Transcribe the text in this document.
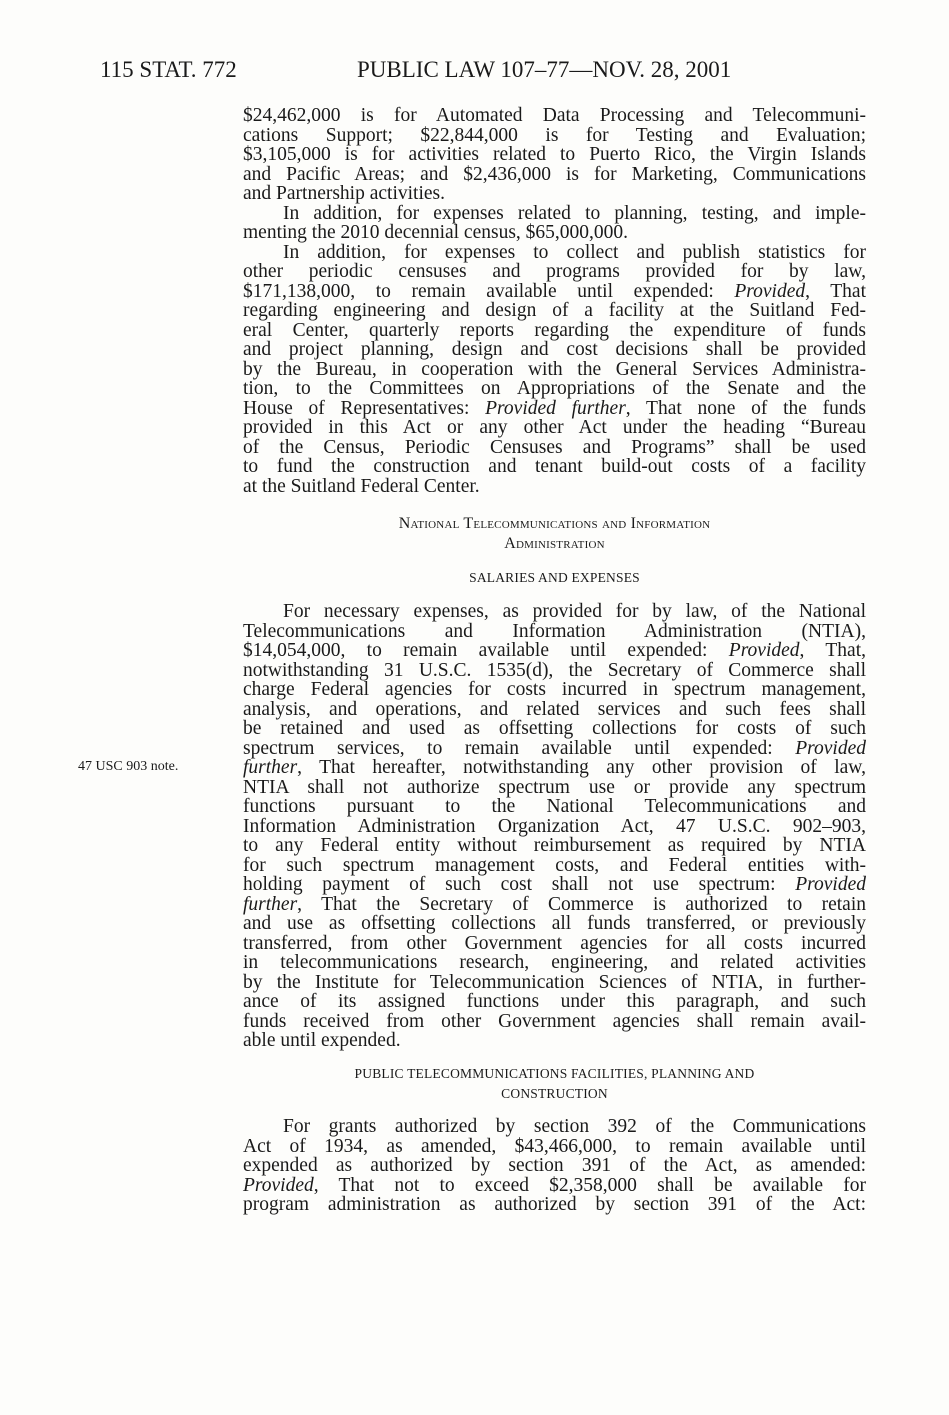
115 STAT. 772	PUBLIC LAW 107–77—NOV. 28, 2001
$24,462,000 is for Automated Data Processing and Telecommuni-
cations Support; $22,844,000 is for Testing and Evaluation;
$3,105,000 is for activities related to Puerto Rico, the Virgin Islands
and Pacific Areas; and $2,436,000 is for Marketing, Communications
and Partnership activities.
In addition, for expenses related to planning, testing, and imple-
menting the 2010 decennial census, $65,000,000.
In addition, for expenses to collect and publish statistics for
other periodic censuses and programs provided for by law,
$171,138,000, to remain available until expended: Provided, That
regarding engineering and design of a facility at the Suitland Fed-
eral Center, quarterly reports regarding the expenditure of funds
and project planning, design and cost decisions shall be provided
by the Bureau, in cooperation with the General Services Administra-
tion, to the Committees on Appropriations of the Senate and the
House of Representatives: Provided further, That none of the funds
provided in this Act or any other Act under the heading “Bureau
of the Census, Periodic Censuses and Programs” shall be used
to fund the construction and tenant build-out costs of a facility
at the Suitland Federal Center.
National Telecommunications and Information
Administration
SALARIES AND EXPENSES
47 USC 903 note.
For necessary expenses, as provided for by law, of the National
Telecommunications and Information Administration (NTIA),
$14,054,000, to remain available until expended: Provided, That,
notwithstanding 31 U.S.C. 1535(d), the Secretary of Commerce shall
charge Federal agencies for costs incurred in spectrum management,
analysis, and operations, and related services and such fees shall
be retained and used as offsetting collections for costs of such
spectrum services, to remain available until expended: Provided
further, That hereafter, notwithstanding any other provision of law,
NTIA shall not authorize spectrum use or provide any spectrum
functions pursuant to the National Telecommunications and
Information Administration Organization Act, 47 U.S.C. 902–903,
to any Federal entity without reimbursement as required by NTIA
for such spectrum management costs, and Federal entities with-
holding payment of such cost shall not use spectrum: Provided
further, That the Secretary of Commerce is authorized to retain
and use as offsetting collections all funds transferred, or previously
transferred, from other Government agencies for all costs incurred
in telecommunications research, engineering, and related activities
by the Institute for Telecommunication Sciences of NTIA, in further-
ance of its assigned functions under this paragraph, and such
funds received from other Government agencies shall remain avail-
able until expended.
PUBLIC TELECOMMUNICATIONS FACILITIES, PLANNING AND
CONSTRUCTION
For grants authorized by section 392 of the Communications
Act of 1934, as amended, $43,466,000, to remain available until
expended as authorized by section 391 of the Act, as amended:
Provided, That not to exceed $2,358,000 shall be available for
program administration as authorized by section 391 of the Act:
